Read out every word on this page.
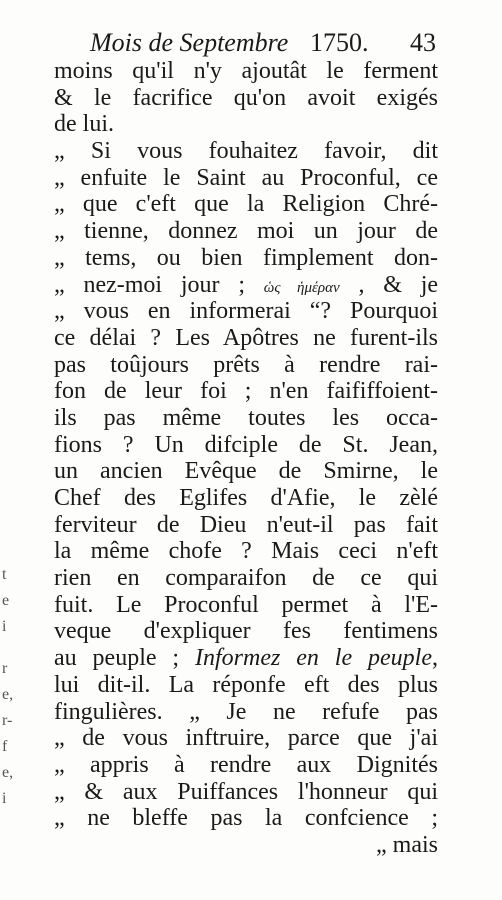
Mois de Septembre 1750. 43
moins qu'il n'y ajoutât le ferment
& le facrifice qu'on avoit exigés
de lui.
„ Si vous fouhaitez favoir, dit
„ enfuite le Saint au Proconful, ce
„ que c'eft que la Religion Chré-
„ tienne, donnez moi un jour de
„ tems, ou bien fimplement don-
„ nez-moi jour ; ὡς ἡμέραν , & je
„ vous en informerai “? Pourquoi
ce délai ? Les Apôtres ne furent-ils
pas toûjours prêts à rendre rai-
fon de leur foi ; n'en faififfoient-
ils pas même toutes les occa-
fions ? Un difciple de St. Jean,
un ancien Evêque de Smirne, le
Chef des Eglifes d'Afie, le zèlé
ferviteur de Dieu n'eut-il pas fait
la même chofe ? Mais ceci n'eft
rien en comparaifon de ce qui
fuit. Le Proconful permet à l'E-
veque d'expliquer fes fentimens
au peuple ; Informez en le peuple,
lui dit-il. La réponfe eft des plus
fingulières. „ Je ne refufe pas
„ de vous inftruire, parce que j'ai
„ appris à rendre aux Dignités
„ & aux Puiffances l'honneur qui
„ ne bleffe pas la confcience ;
„ mais
t
e
i
r
e,
r-
f
e,
i
